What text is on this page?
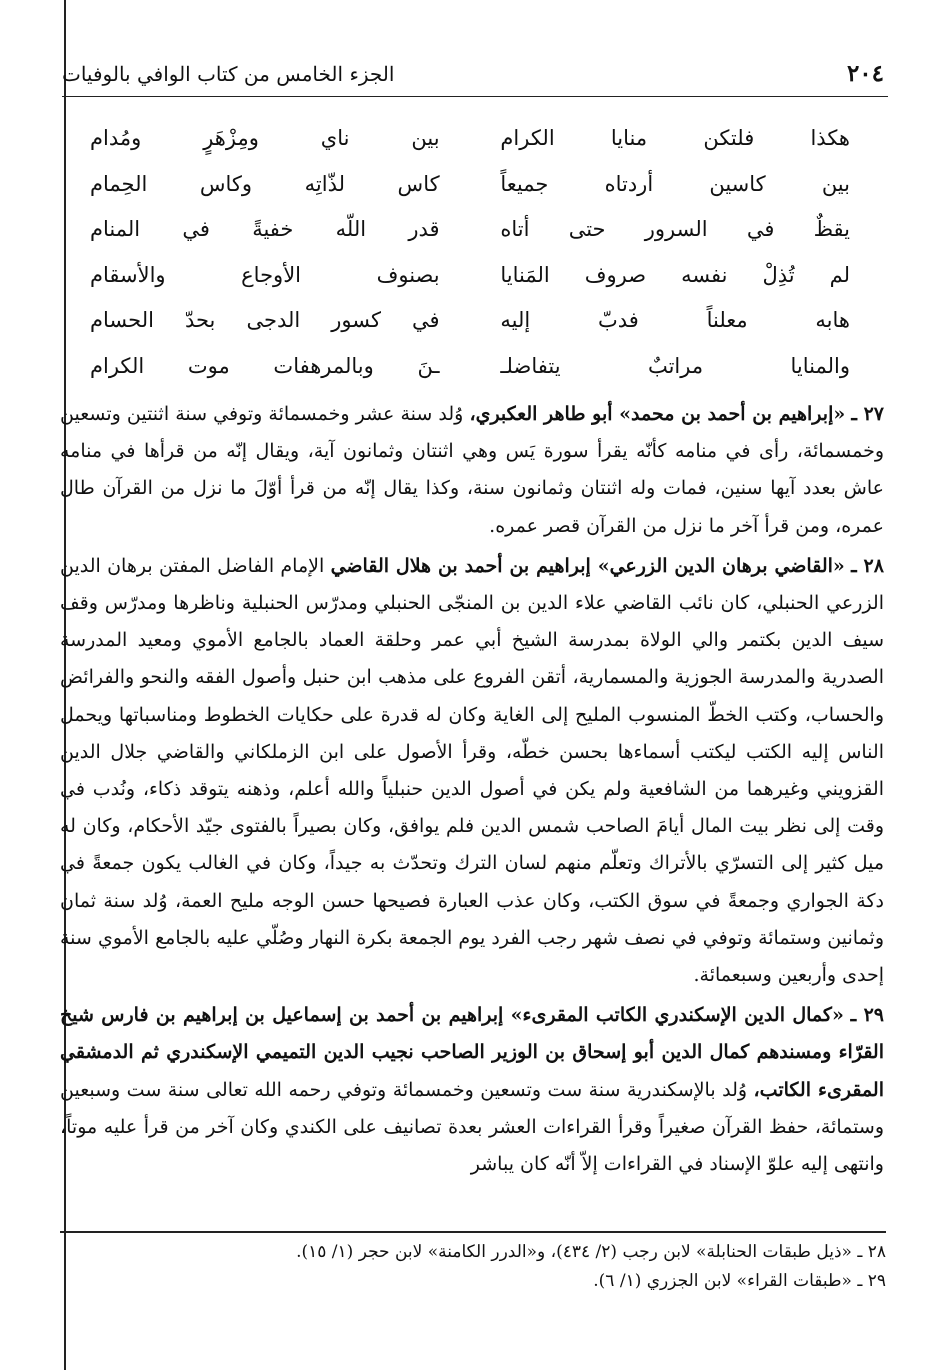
٢٠٤
الجزء الخامس من كتاب الوافي بالوفيات
هكذا فلتكن منايا الكرام
بين ناي ومِزْهَرٍ ومُدام
بين كاسين أردتاه جميعاً
كاس لذّاتِه وكاس الحِمام
يقظٌ في السرور حتى أتاه
قدر اللّه خفيةً في المنام
لم تُذِلْ نفسه صروف المَنايا
بصنوف الأوجاع والأسقام
هابه معلناً فدبّ إليه
في كسور الدجى بحدّ الحسام
والمنايا مراتبٌ يتفاضلـ
ـنَ وبالمرهفات موت الكرام

٢٧ ـ «إبراهيم بن أحمد بن محمد» أبو طاهر العكبري، وُلد سنة عشر وخمسمائة وتوفي سنة اثنتين وتسعين وخمسمائة، رأى في منامه كأنّه يقرأ سورة يَس وهي اثنتان وثمانون آية، ويقال إنّه من قرأها في منامه عاش بعدد آيها سنين، فمات وله اثنتان وثمانون سنة، وكذا يقال إنّه من قرأ أوّلَ ما نزل من القرآن طال عمره، ومن قرأ آخر ما نزل من القرآن قصر عمره.

٢٨ ـ «القاضي برهان الدين الزرعي» إبراهيم بن أحمد بن هلال القاضي الإمام الفاضل المفتن برهان الدين الزرعي الحنبلي، كان نائب القاضي علاء الدين بن المنجّى الحنبلي ومدرّس الحنبلية وناظرها ومدرّس وقف سيف الدين بكتمر والي الولاة بمدرسة الشيخ أبي عمر وحلقة العماد بالجامع الأموي ومعيد المدرسة الصدرية والمدرسة الجوزية والمسمارية، أتقن الفروع على مذهب ابن حنبل وأصول الفقه والنحو والفرائض والحساب، وكتب الخطّ المنسوب المليح إلى الغاية وكان له قدرة على حكايات الخطوط ومناسباتها ويحمل الناس إليه الكتب ليكتب أسماءها بحسن خطّه، وقرأ الأصول على ابن الزملكاني والقاضي جلال الدين القزويني وغيرهما من الشافعية ولم يكن في أصول الدين حنبلياً والله أعلم، وذهنه يتوقد ذكاء، ونُدب في وقت إلى نظر بيت المال أيامَ الصاحب شمس الدين فلم يوافق، وكان بصيراً بالفتوى جيّد الأحكام، وكان له ميل كثير إلى التسرّي بالأتراك وتعلّم منهم لسان الترك وتحدّث به جيداً، وكان في الغالب يكون جمعةً في دكة الجواري وجمعةً في سوق الكتب، وكان عذب العبارة فصيحها حسن الوجه مليح العمة، وُلد سنة ثمان وثمانين وستمائة وتوفي في نصف شهر رجب الفرد يوم الجمعة بكرة النهار وصُلّي عليه بالجامع الأموي سنة إحدى وأربعين وسبعمائة.

٢٩ ـ «كمال الدين الإسكندري الكاتب المقرىء» إبراهيم بن أحمد بن إسماعيل بن إبراهيم بن فارس شيخ القرّاء ومسندهم كمال الدين أبو إسحاق بن الوزير الصاحب نجيب الدين التميمي الإسكندري ثم الدمشقي المقرىء الكاتب، وُلد بالإسكندرية سنة ست وتسعين وخمسمائة وتوفي رحمه الله تعالى سنة ست وسبعين وستمائة، حفظ القرآن صغيراً وقرأ القراءات العشر بعدة تصانيف على الكندي وكان آخر من قرأ عليه موتاً، وانتهى إليه علوّ الإسناد في القراءات إلاّ أنّه كان يباشر

٢٨ ـ «ذيل طبقات الحنابلة» لابن رجب (٢/ ٤٣٤)، و«الدرر الكامنة» لابن حجر (١/ ١٥).
٢٩ ـ «طبقات القراء» لابن الجزري (١/ ٦).
